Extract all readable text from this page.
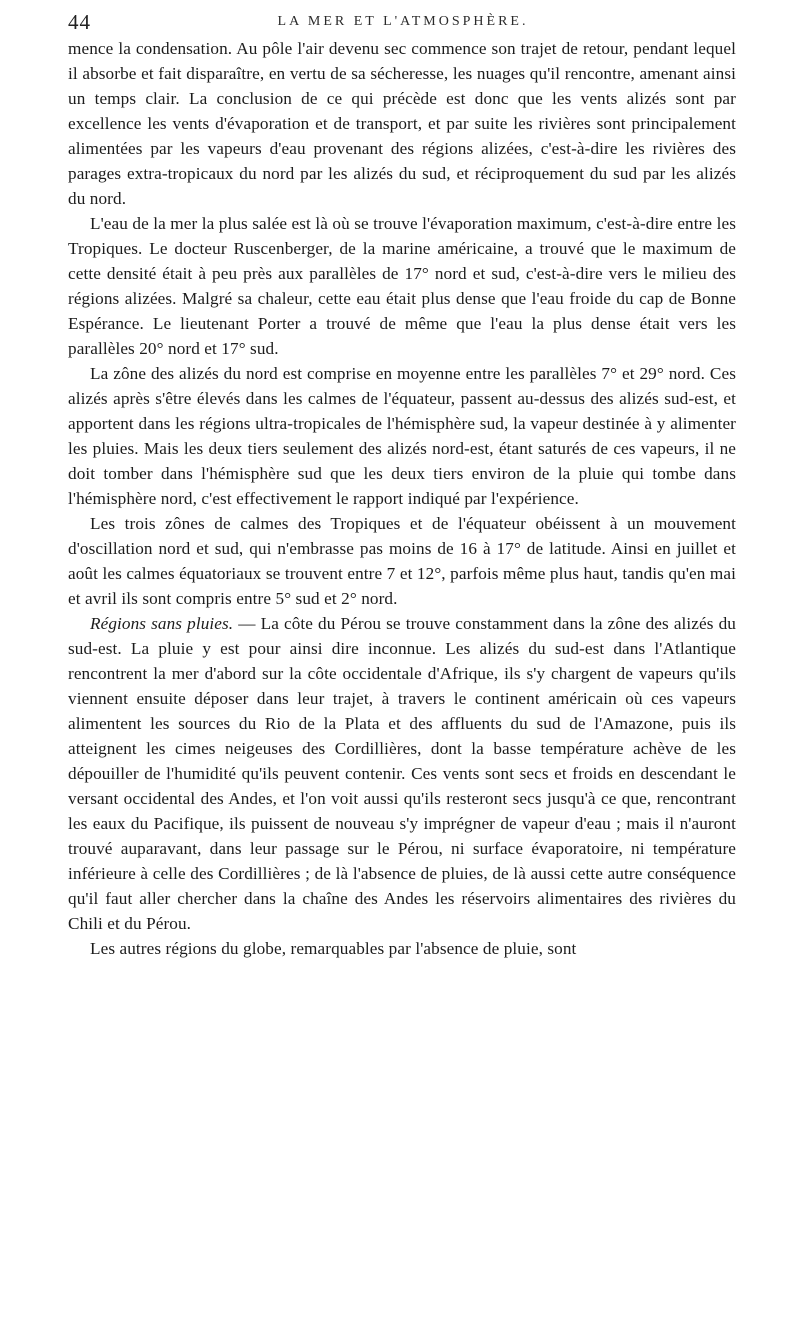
44	LA MER ET L'ATMOSPHÈRE.

mence la condensation. Au pôle l'air devenu sec commence son trajet de retour, pendant lequel il absorbe et fait disparaître, en vertu de sa sécheresse, les nuages qu'il rencontre, amenant ainsi un temps clair. La conclusion de ce qui précède est donc que les vents alizés sont par excellence les vents d'évaporation et de transport, et par suite les rivières sont principalement alimentées par les vapeurs d'eau provenant des régions alizées, c'est-à-dire les rivières des parages extra-tropicaux du nord par les alizés du sud, et réciproquement du sud par les alizés du nord.

L'eau de la mer la plus salée est là où se trouve l'évaporation maximum, c'est-à-dire entre les Tropiques. Le docteur Ruscenberger, de la marine américaine, a trouvé que le maximum de cette densité était à peu près aux parallèles de 17° nord et sud, c'est-à-dire vers le milieu des régions alizées. Malgré sa chaleur, cette eau était plus dense que l'eau froide du cap de Bonne Espérance. Le lieutenant Porter a trouvé de même que l'eau la plus dense était vers les parallèles 20° nord et 17° sud.

La zône des alizés du nord est comprise en moyenne entre les parallèles 7° et 29° nord. Ces alizés après s'être élevés dans les calmes de l'équateur, passent au-dessus des alizés sud-est, et apportent dans les régions ultra-tropicales de l'hémisphère sud, la vapeur destinée à y alimenter les pluies. Mais les deux tiers seulement des alizés nord-est, étant saturés de ces vapeurs, il ne doit tomber dans l'hémisphère sud que les deux tiers environ de la pluie qui tombe dans l'hémisphère nord, c'est effectivement le rapport indiqué par l'expérience.

Les trois zônes de calmes des Tropiques et de l'équateur obéissent à un mouvement d'oscillation nord et sud, qui n'embrasse pas moins de 16 à 17° de latitude. Ainsi en juillet et août les calmes équatoriaux se trouvent entre 7 et 12°, parfois même plus haut, tandis qu'en mai et avril ils sont compris entre 5° sud et 2° nord.

Régions sans pluies. — La côte du Pérou se trouve constamment dans la zône des alizés du sud-est. La pluie y est pour ainsi dire inconnue. Les alizés du sud-est dans l'Atlantique rencontrent la mer d'abord sur la côte occidentale d'Afrique, ils s'y chargent de vapeurs qu'ils viennent ensuite déposer dans leur trajet, à travers le continent américain où ces vapeurs alimentent les sources du Rio de la Plata et des affluents du sud de l'Amazone, puis ils atteignent les cimes neigeuses des Cordillières, dont la basse température achève de les dépouiller de l'humidité qu'ils peuvent contenir. Ces vents sont secs et froids en descendant le versant occidental des Andes, et l'on voit aussi qu'ils resteront secs jusqu'à ce que, rencontrant les eaux du Pacifique, ils puissent de nouveau s'y imprégner de vapeur d'eau ; mais il n'auront trouvé auparavant, dans leur passage sur le Pérou, ni surface évaporatoire, ni température inférieure à celle des Cordillières ; de là l'absence de pluies, de là aussi cette autre conséquence qu'il faut aller chercher dans la chaîne des Andes les réservoirs alimentaires des rivières du Chili et du Pérou.

Les autres régions du globe, remarquables par l'absence de pluie, sont
